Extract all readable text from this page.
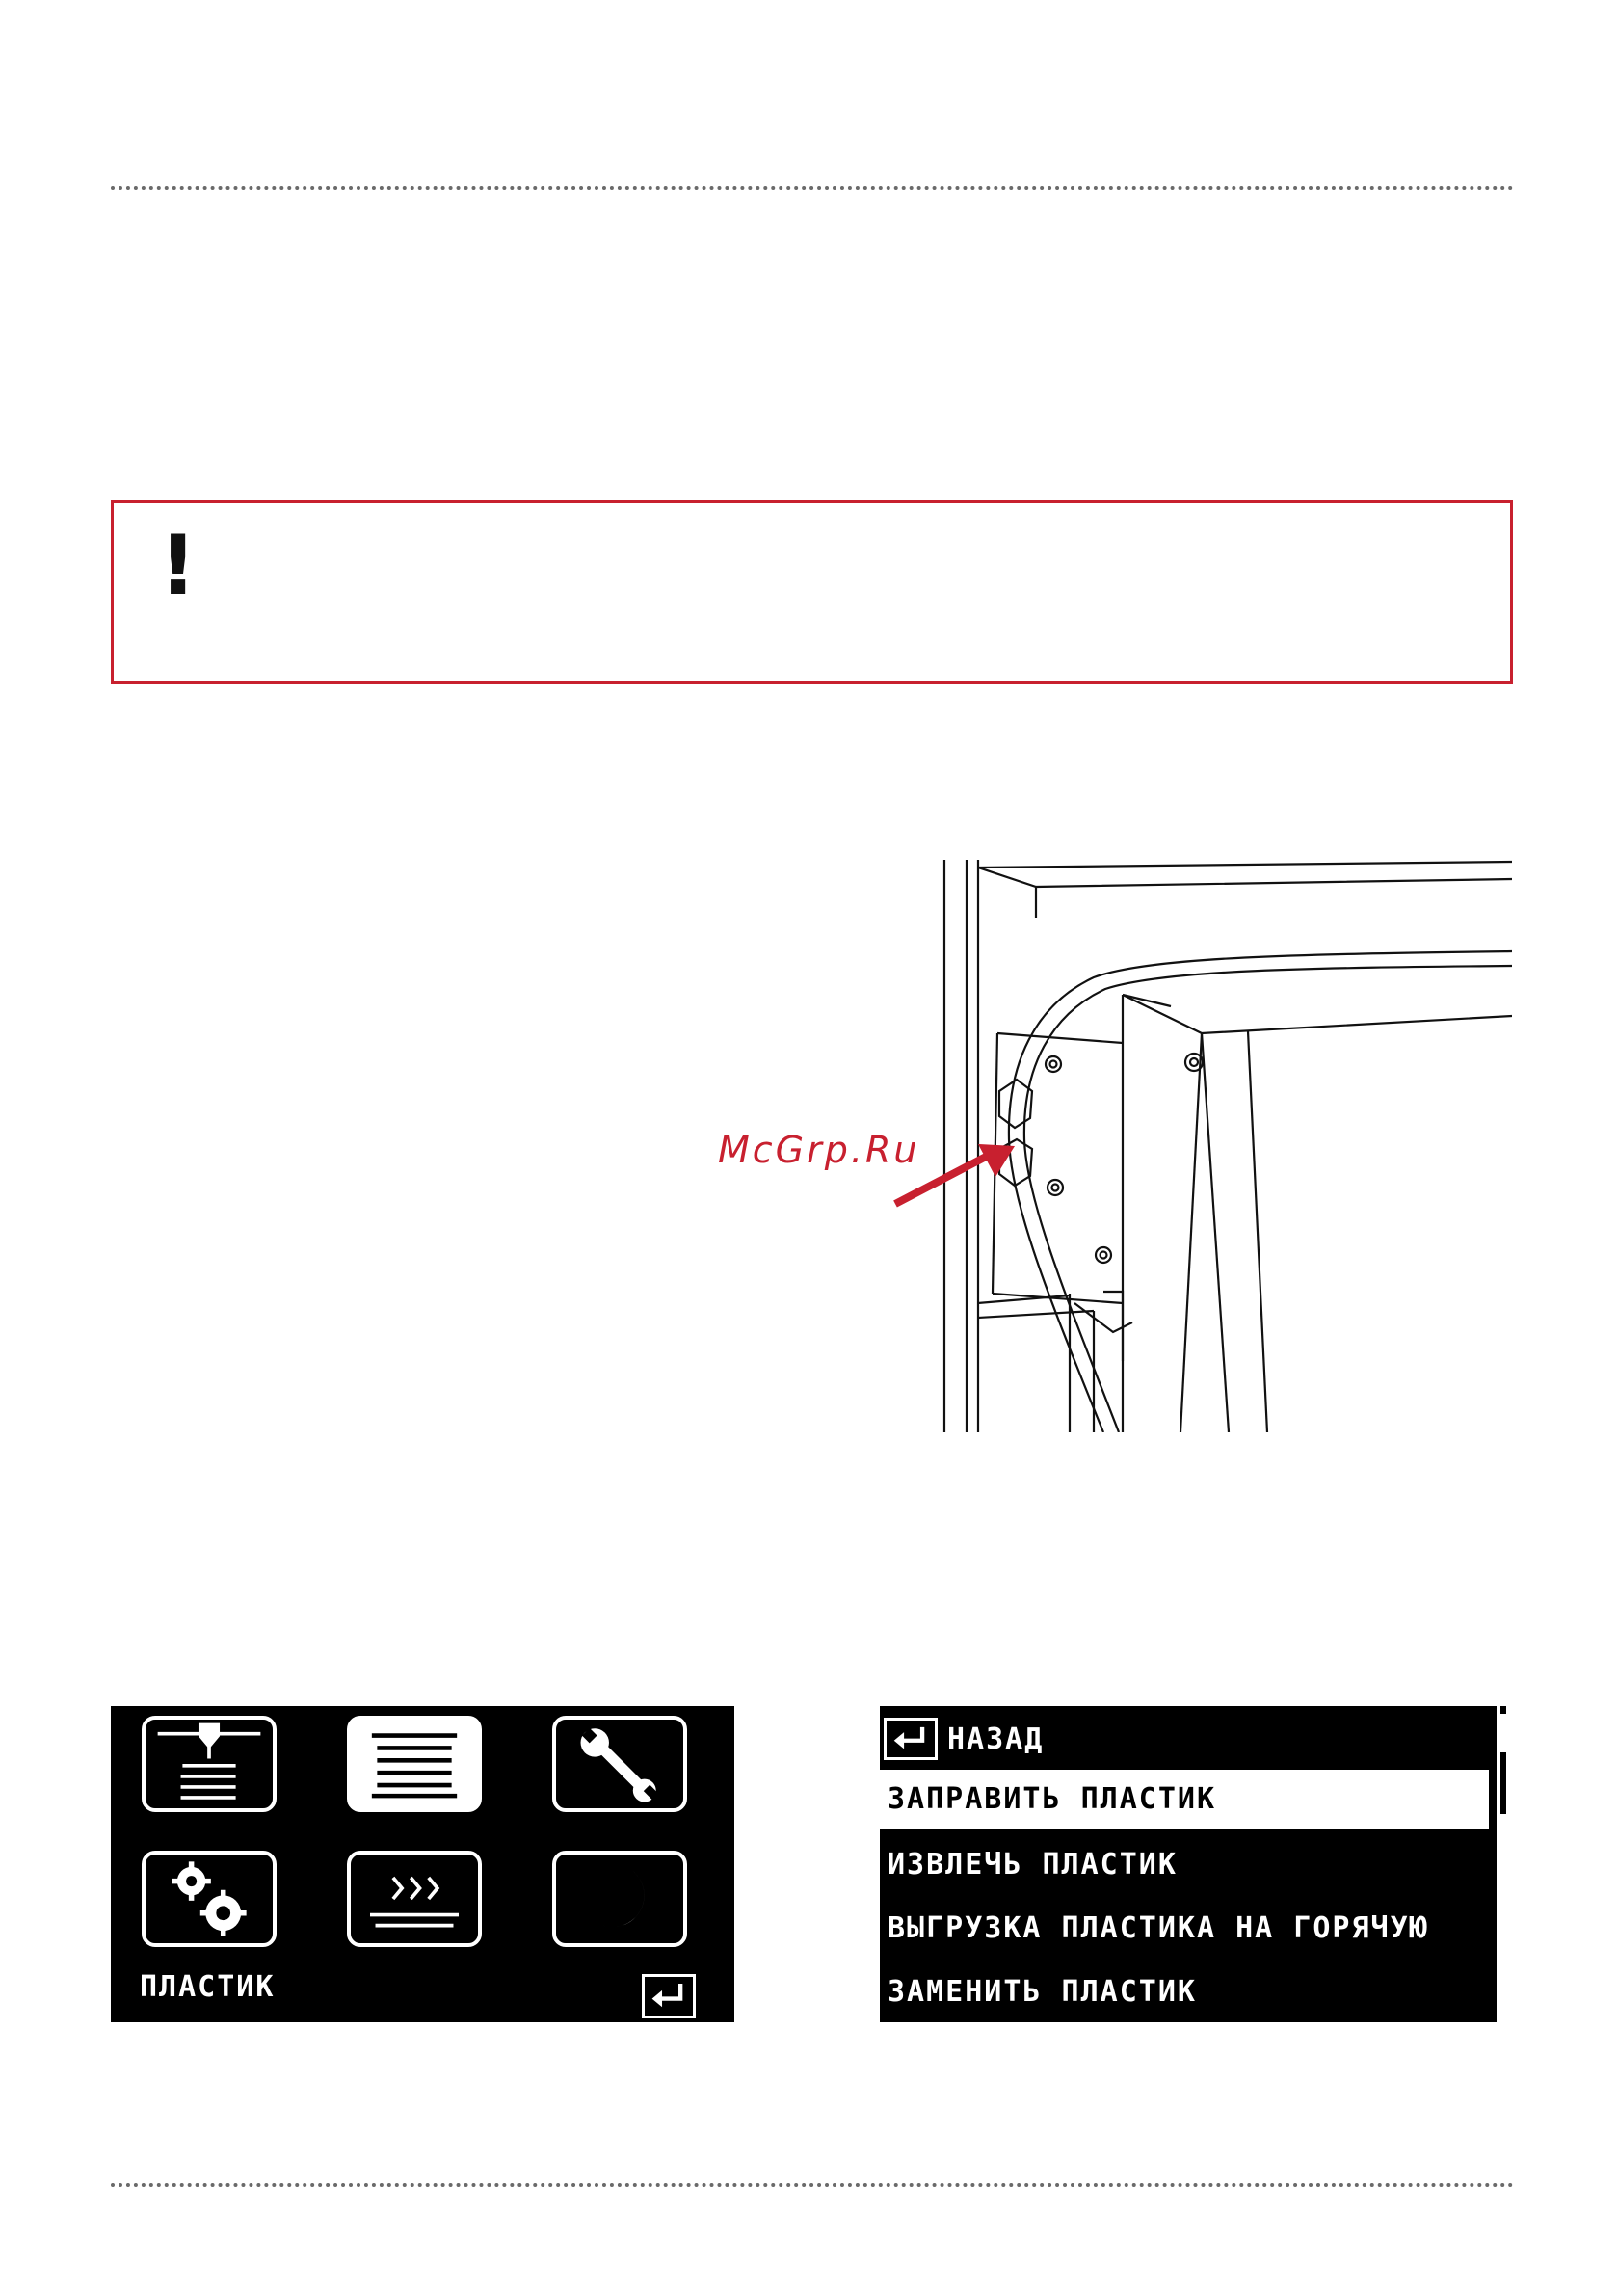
!
McGrp.Ru
ПЛАСТИК
НАЗАД
ЗАПРАВИТЬ ПЛАСТИК
ИЗВЛЕЧЬ ПЛАСТИК
ВЫГРУЗКА ПЛАСТИКА НА ГОРЯЧУЮ
ЗАМЕНИТЬ ПЛАСТИК
